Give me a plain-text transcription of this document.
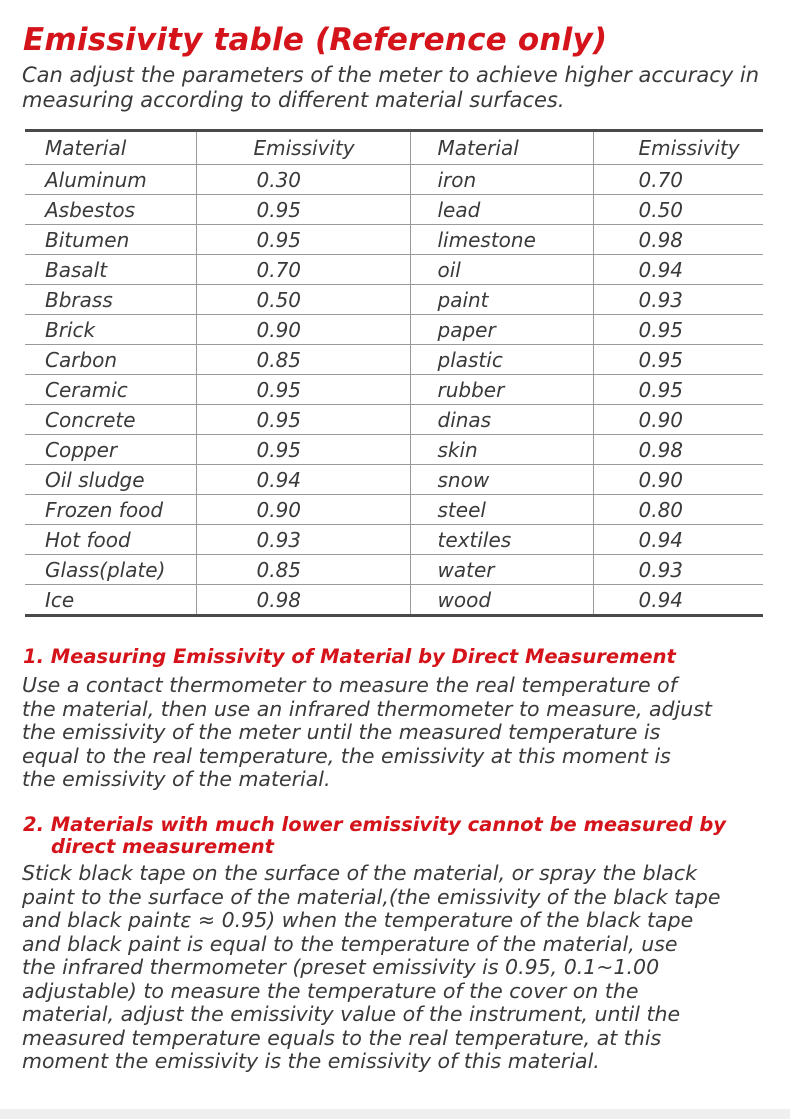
Emissivity table (Reference only)
Can adjust the parameters of the meter to achieve higher accuracy in measuring according to different material surfaces.
Material	Emissivity	Material	Emissivity
Aluminum	0.30	iron	0.70
Asbestos	0.95	lead	0.50
Bitumen	0.95	limestone	0.98
Basalt	0.70	oil	0.94
Bbrass	0.50	paint	0.93
Brick	0.90	paper	0.95
Carbon	0.85	plastic	0.95
Ceramic	0.95	rubber	0.95
Concrete	0.95	dinas	0.90
Copper	0.95	skin	0.98
Oil sludge	0.94	snow	0.90
Frozen food	0.90	steel	0.80
Hot food	0.93	textiles	0.94
Glass(plate)	0.85	water	0.93
Ice	0.98	wood	0.94
1. Measuring Emissivity of Material by Direct Measurement
Use a contact thermometer to measure the real temperature of
the material, then use an infrared thermometer to measure, adjust
the emissivity of the meter until the measured temperature is
equal to the real temperature, the emissivity at this moment is
the emissivity of the material.
2. Materials with much lower emissivity cannot be measured by
direct measurement
Stick black tape on the surface of the material, or spray the black
paint to the surface of the material,(the emissivity of the black tape
and black paintε ≈ 0.95) when the temperature of the black tape
and black paint is equal to the temperature of the material, use
the infrared thermometer (preset emissivity is 0.95, 0.1~1.00
adjustable) to measure the temperature of the cover on the
material, adjust the emissivity value of the instrument, until the
measured temperature equals to the real temperature, at this
moment the emissivity is the emissivity of this material.
